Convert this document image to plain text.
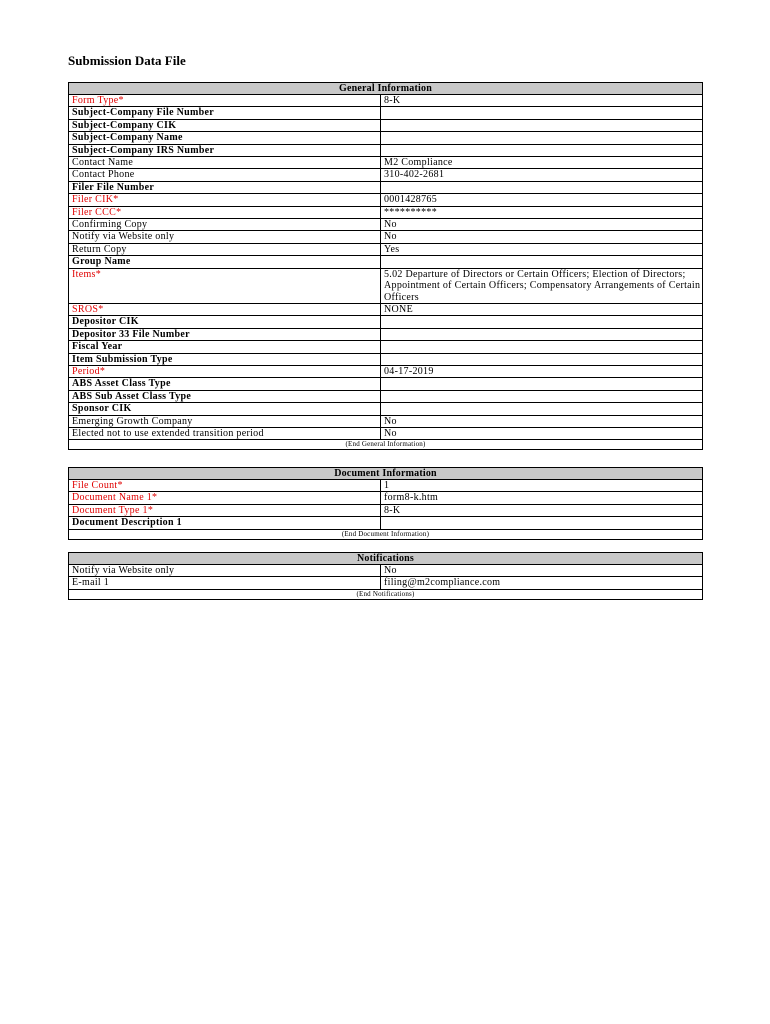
Submission Data File
General Information
Form Type*	8-K
Subject-Company File Number

Subject-Company CIK

Subject-Company Name

Subject-Company IRS Number

Contact Name	M2 Compliance
Contact Phone	310-402-2681
Filer File Number

Filer CIK*	0001428765
Filer CCC*	**********
Confirming Copy	No
Notify via Website only	No
Return Copy	Yes
Group Name

Items*	5.02 Departure of Directors or Certain Officers; Election of Directors; Appointment of Certain Officers; Compensatory Arrangements of Certain Officers
SROS*	NONE
Depositor CIK

Depositor 33 File Number

Fiscal Year

Item Submission Type

Period*	04-17-2019
ABS Asset Class Type

ABS Sub Asset Class Type

Sponsor CIK

Emerging Growth Company	No
Elected not to use extended transition period	No
(End General Information)
Document Information
File Count*	1
Document Name 1*	form8-k.htm
Document Type 1*	8-K
Document Description 1

(End Document Information)
Notifications
Notify via Website only	No
E-mail 1	filing@m2compliance.com
(End Notifications)
